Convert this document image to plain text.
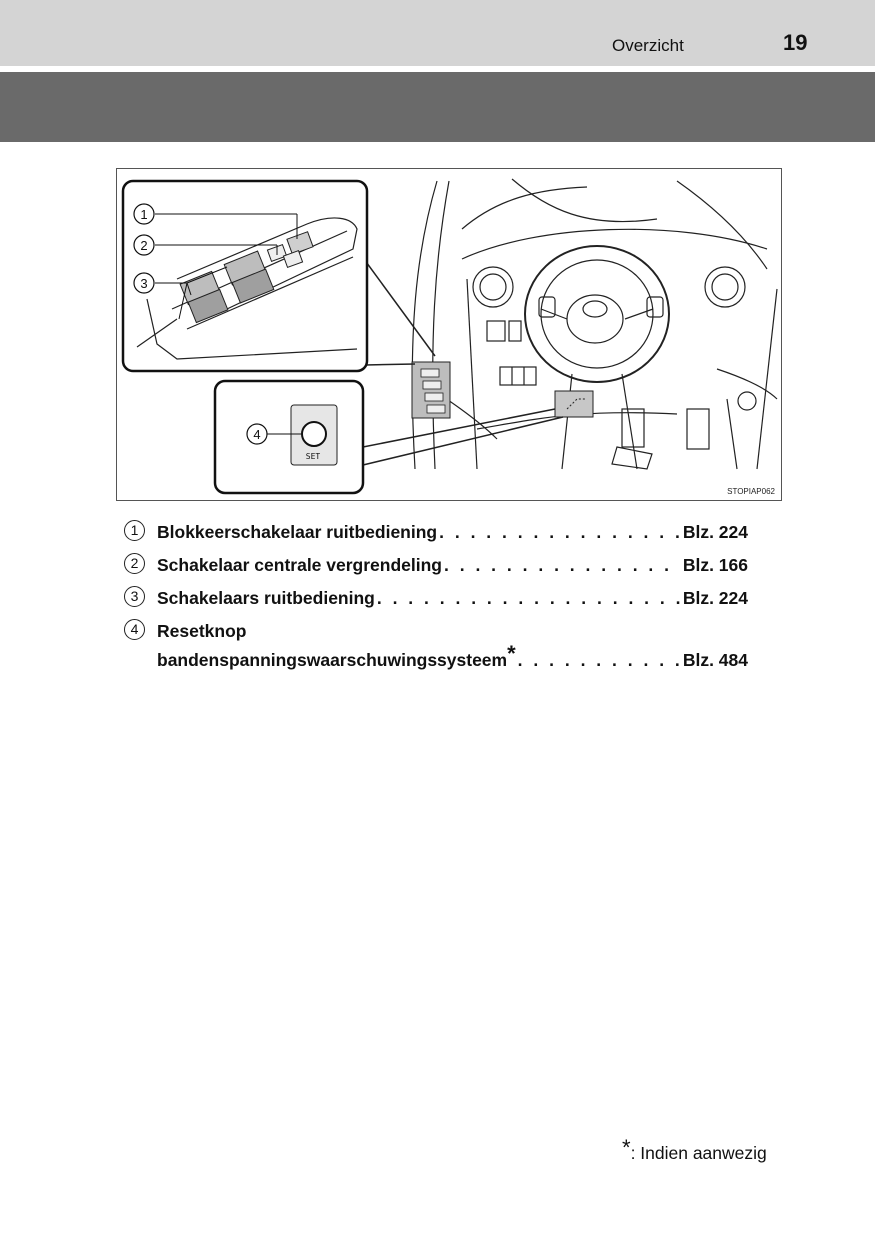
Overzicht	19
1
2
3
SET
4
STOPIAP062
1	Blokkeerschakelaar ruitbediening . . .	Blz. 224
2	Schakelaar centrale vergrendeling . . .	Blz. 166
3	Schakelaars ruitbediening . . .	Blz. 224
4	Resetknop
bandenspanningswaarschuwingssysteem * . . .	Blz. 484
*: Indien aanwezig
